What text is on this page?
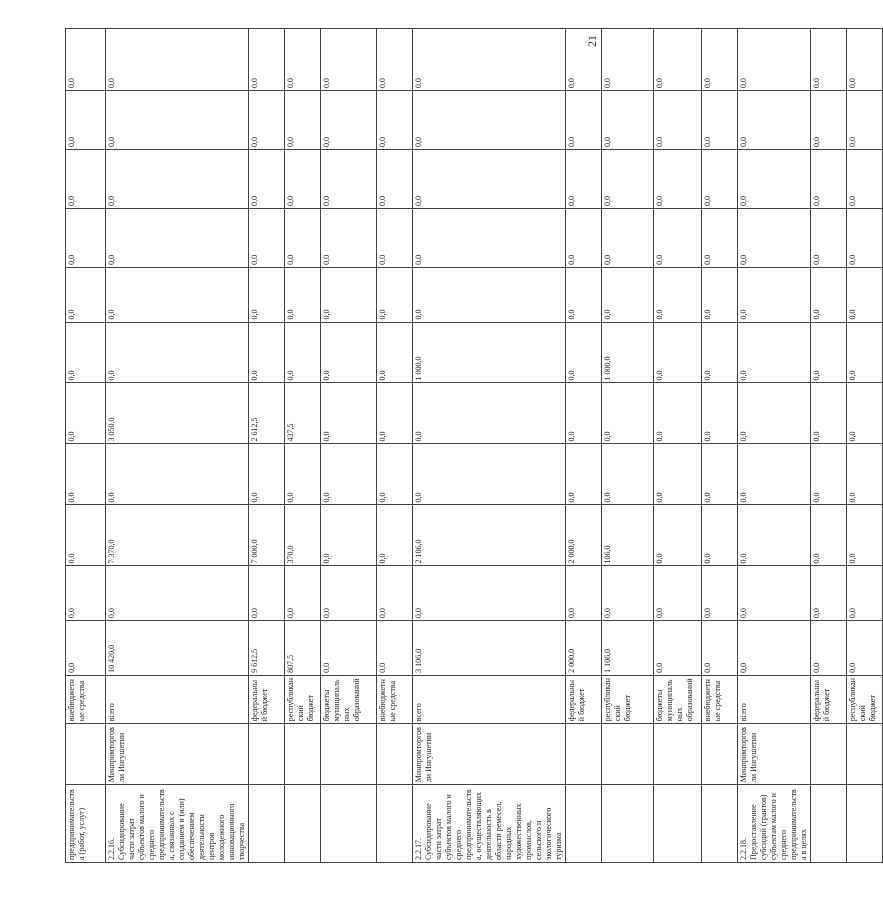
предпринимательства (работ, услуг)		внебюджетные средства	0,0	0,0	0,0	0,0	0,0	0,0	0,0	0,0	0,0	0,0	0,0
2.2.16. Субсидирование части затрат субъектов малого и среднего предпринимательства, связанных с созданием и (или) обеспечением деятельности центров молодежного инновационного творчества	Минпромторговли Ингушетии	всего	10 420,0	0,0	7 370,0	0,0	3 050,0	0,0	0,0	0,0	0,0	0,0	0,0
		федеральный бюджет	9 612,5	0,0	7 000,0	0,0	2 612,5	0,0	0,0	0,0	0,0	0,0	0,0
		республиканский бюджет	807,5	0,0	370,0	0,0	437,5	0,0	0,0	0,0	0,0	0,0	0,0
		бюджеты муниципальных образований	0,0	0,0	0,0	0,0	0,0	0,0	0,0	0,0	0,0	0,0	0,0
		внебюджетные средства	0,0	0,0	0,0	0,0	0,0	0,0	0,0	0,0	0,0	0,0	0,0
2.2.17. Субсидирование части затрат субъектов малого и среднего предпринимательства, осуществляющих деятельность в области ремесел, народных художественных промыслов, сельского и экологического туризма	Минпромторговли Ингушетии	всего	3 106,0	0,0	2 106,0	0,0	0,0	1 000,0	0,0	0,0	0,0	0,0	0,0
		федеральный бюджет	2 000,0	0,0	2 000,0	0,0	0,0	0,0	0,0	0,0	0,0	0,0	0,0
		республиканский бюджет	1 106,0	0,0	106,0	0,0	0,0	1 000,0	0,0	0,0	0,0	0,0	0,0
		бюджеты муниципальных образований	0,0	0,0	0,0	0,0	0,0	0,0	0,0	0,0	0,0	0,0	0,0
		внебюджетные средства	0,0	0,0	0,0	0,0	0,0	0,0	0,0	0,0	0,0	0,0	0,0
2.2.18. Предоставление субсидий (грантов) субъектам малого и среднего предпринимательства в целях	Минпромторговли Ингушетии	всего	0,0	0,0	0,0	0,0	0,0	0,0	0,0	0,0	0,0	0,0	0,0
		федеральный бюджет	0,0	0,0	0,0	0,0	0,0	0,0	0,0	0,0	0,0	0,0	0,0
		республиканский бюджет	0,0	0,0	0,0	0,0	0,0	0,0	0,0	0,0	0,0	0,0	0,0
21
